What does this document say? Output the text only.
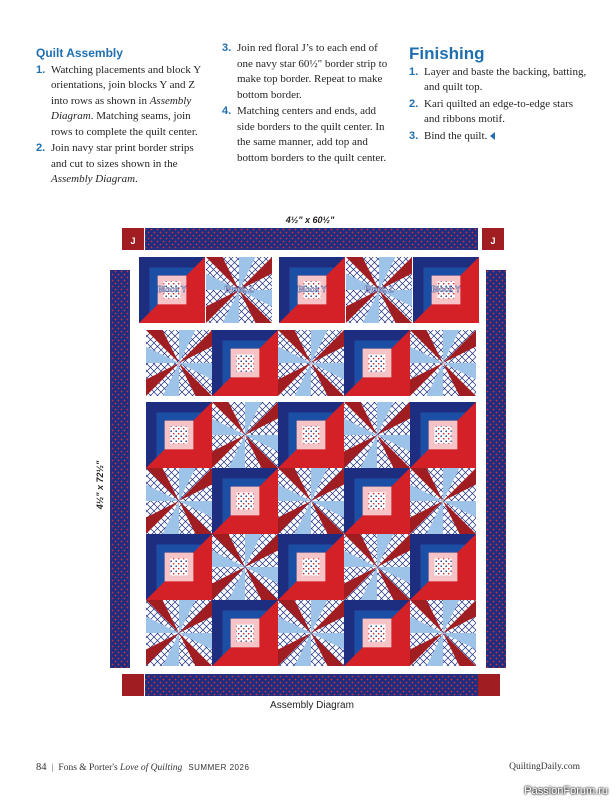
Quilt Assembly
1. Watching placements and block Y orientations, join blocks Y and Z into rows as shown in Assembly Diagram. Matching seams, join rows to complete the quilt center.
2. Join navy star print border strips and cut to sizes shown in the Assembly Diagram.
3. Join red floral J’s to each end of one navy star 60½" border strip to make top border. Repeat to make bottom border.
4. Matching centers and ends, add side borders to the quilt center. In the same manner, add top and bottom borders to the quilt center.
Finishing
1. Layer and baste the backing, batting, and quilt top.
2. Kari quilted an edge-to-edge stars and ribbons motif.
3. Bind the quilt.
J	J
4½" x 60½"
4½" x 72½"
Block Y	Block Z	Block Y	Block Z	Block Y
Assembly Diagram
84 | Fons & Porter's Love of Quilting SUMMER 2026	QuiltingDaily.com
PassionForum.ru
